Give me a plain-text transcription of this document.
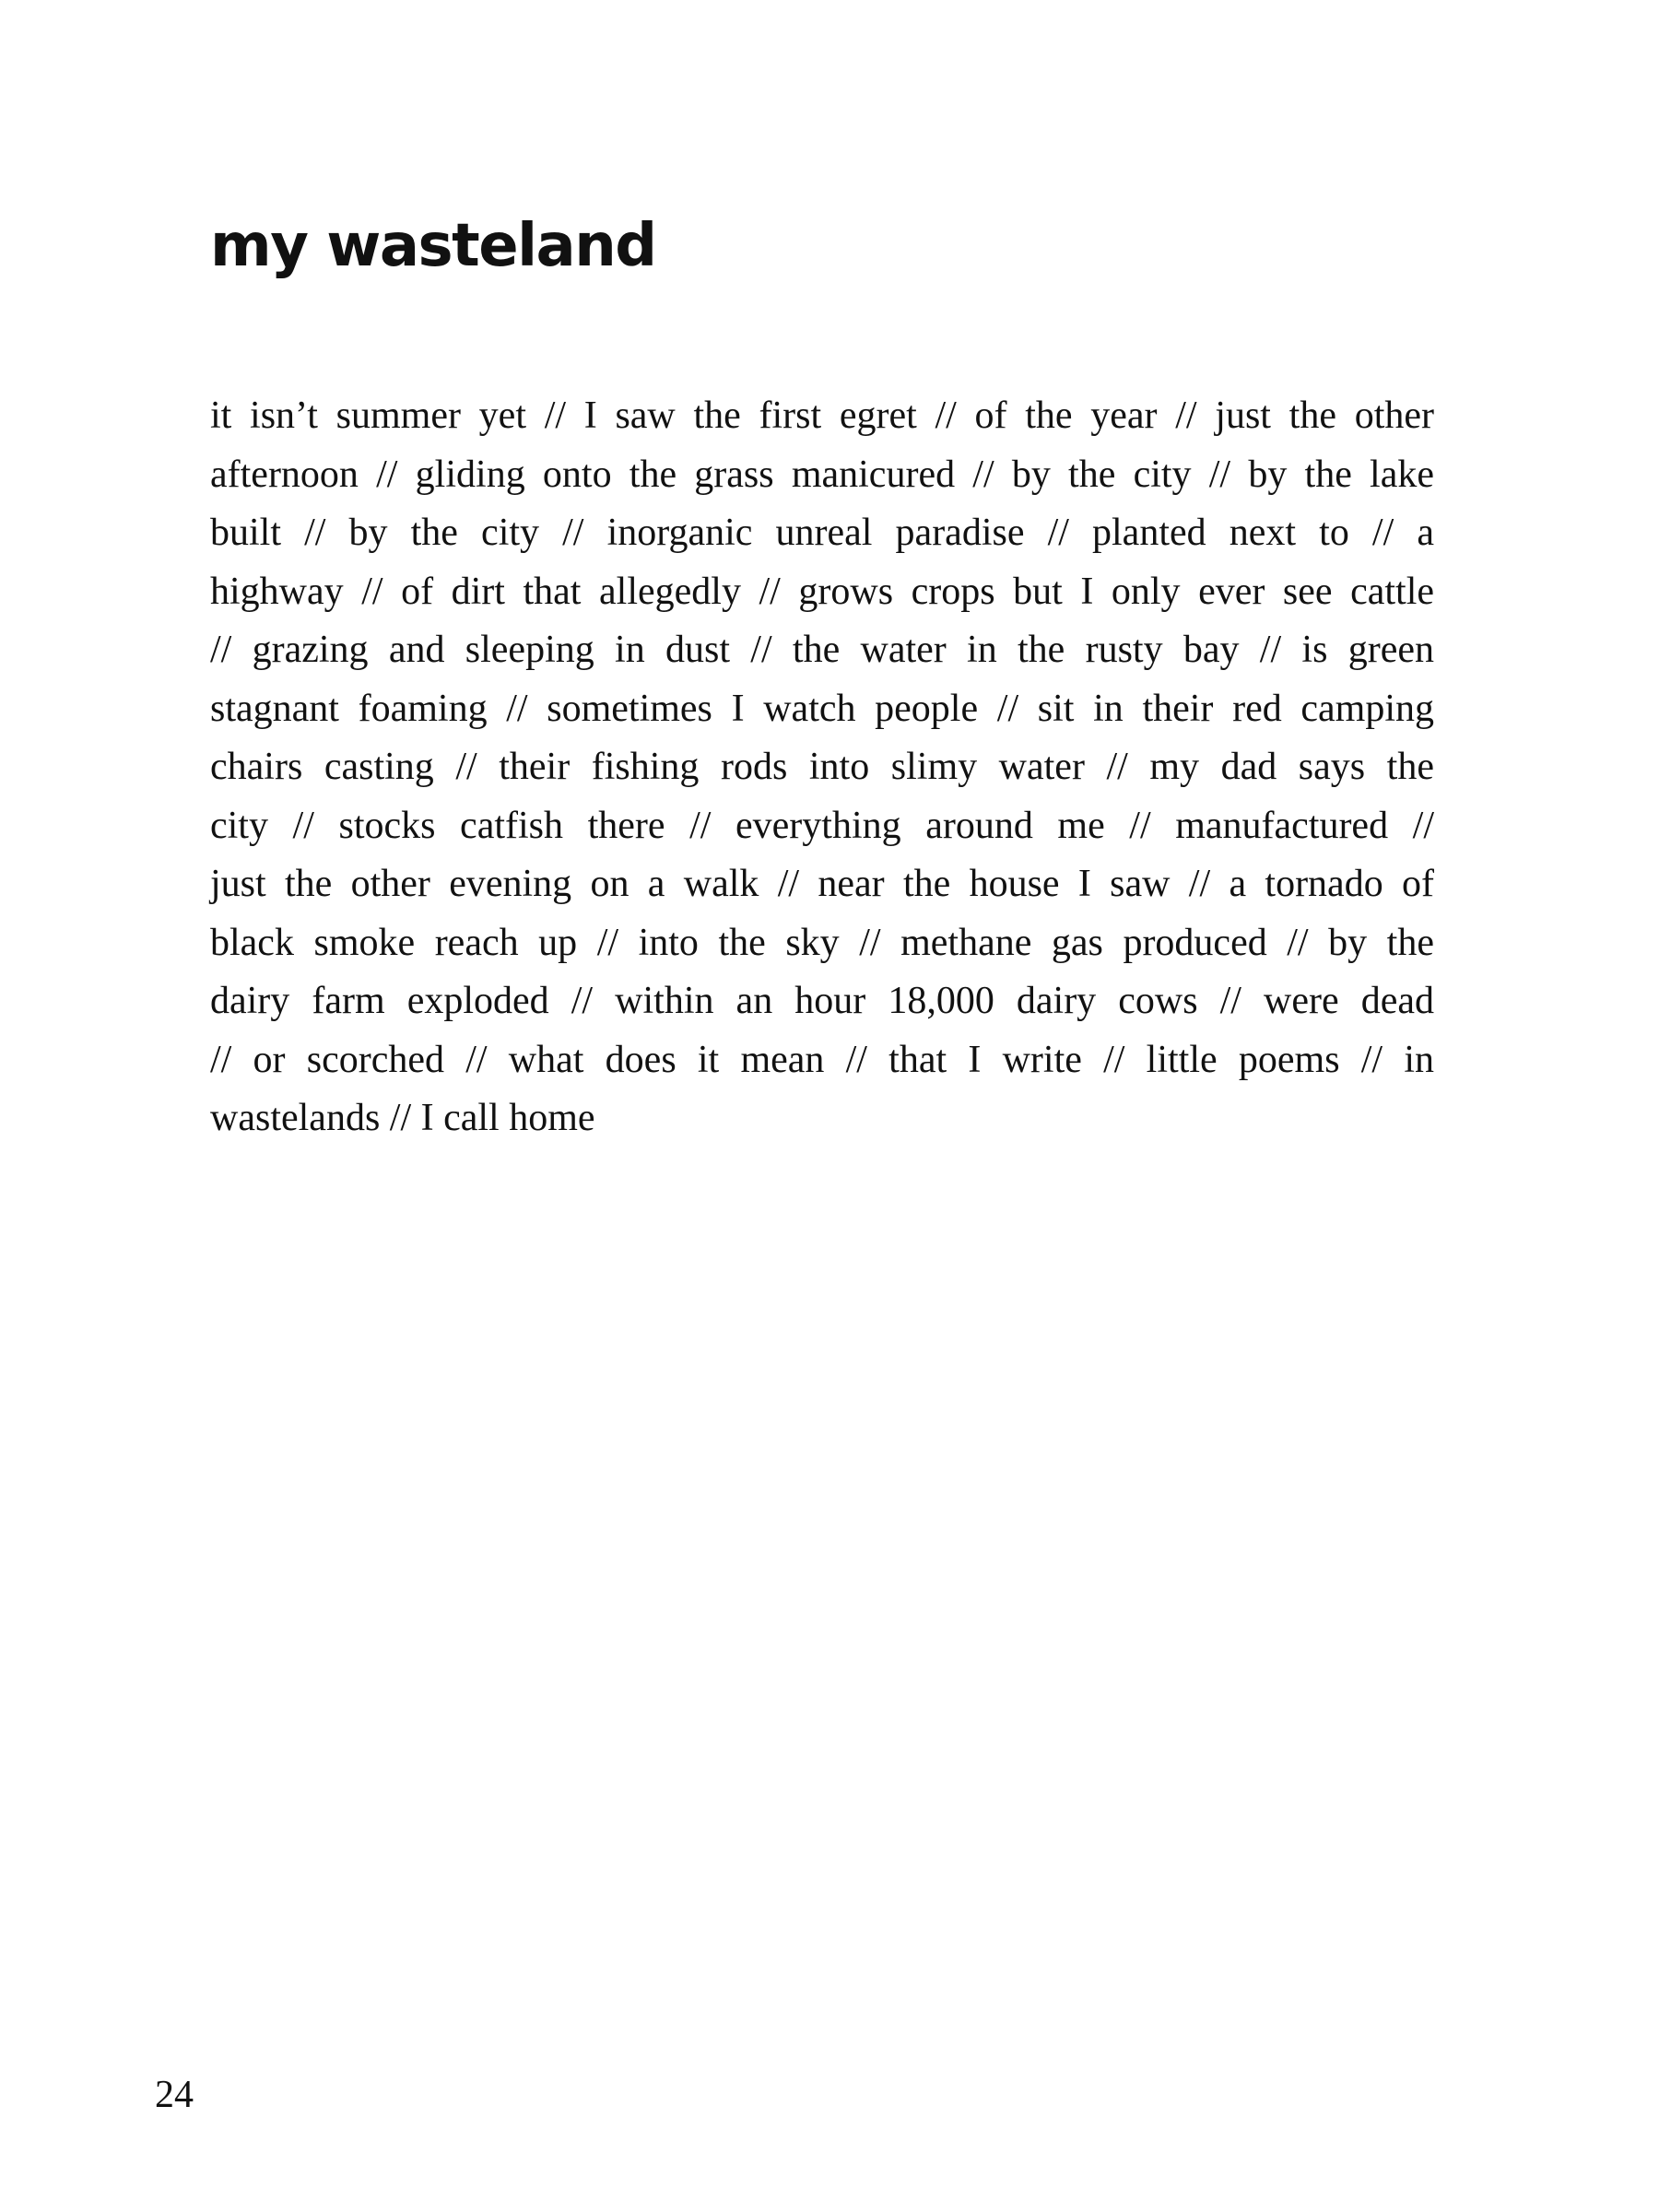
my wasteland
it isn’t summer yet // I saw the first egret // of the year // just the other
afternoon // gliding onto the grass manicured // by the city // by the lake
built // by the city // inorganic unreal paradise // planted next to // a
highway // of dirt that allegedly // grows crops but I only ever see cattle
// grazing and sleeping in dust // the water in the rusty bay // is green
stagnant foaming // sometimes I watch people // sit in their red camping
chairs casting // their fishing rods into slimy water // my dad says the
city // stocks catfish there // everything around me // manufactured //
just the other evening on a walk // near the house I saw // a tornado of
black smoke reach up // into the sky // methane gas produced // by the
dairy farm exploded // within an hour 18,000 dairy cows // were dead
// or scorched // what does it mean // that I write // little poems // in
wastelands // I call home
24
